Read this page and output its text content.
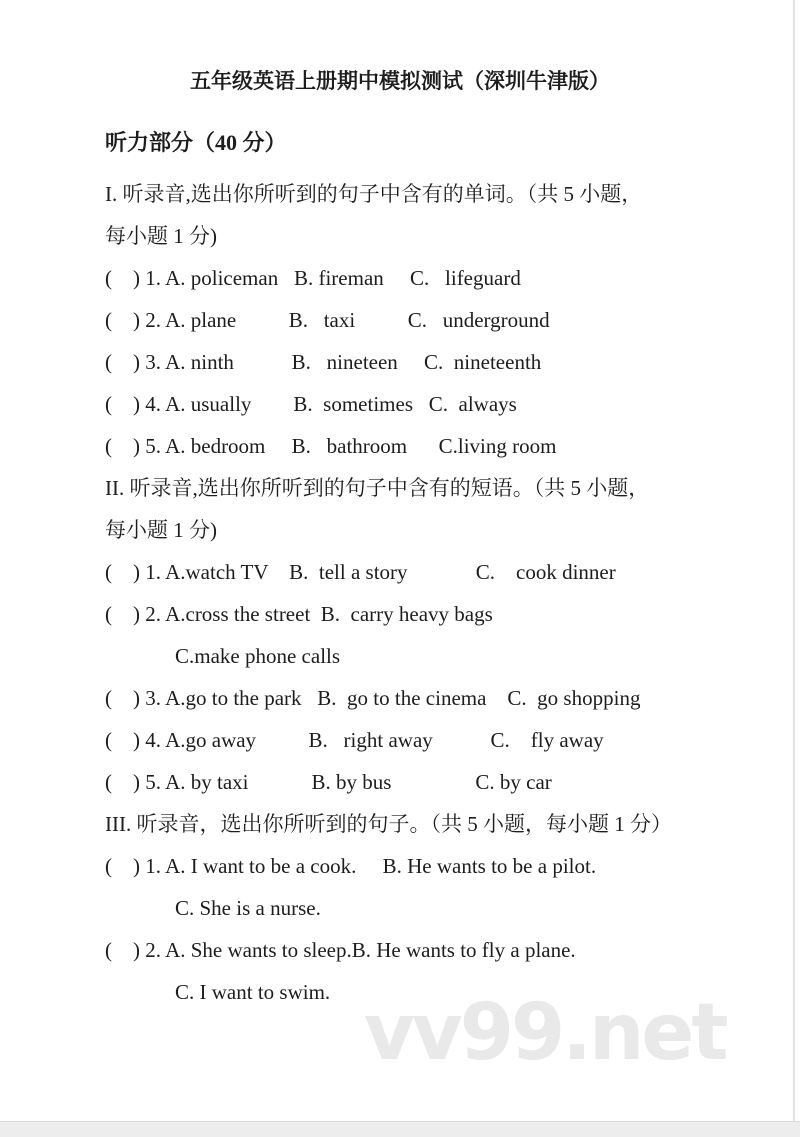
vv99.net
五年级英语上册期中模拟测试（深圳牛津版）
听力部分（40 分）
I. 听录音,选出你所听到的句子中含有的单词。（共 5 小题，
每小题 1 分)
(    ) 1. A. policeman   B. fireman     C.   lifeguard
(    ) 2. A. plane          B.   taxi          C.   underground
(    ) 3. A. ninth           B.   nineteen     C.  nineteenth
(    ) 4. A. usually        B.  sometimes   C.  always
(    ) 5. A. bedroom     B.   bathroom      C.living room
II. 听录音,选出你所听到的句子中含有的短语。（共 5 小题，
每小题 1 分)
(    ) 1. A.watch TV    B.  tell a story             C.    cook dinner
(    ) 2. A.cross the street  B.  carry heavy bags
C.make phone calls
(    ) 3. A.go to the park   B.  go to the cinema    C.  go shopping
(    ) 4. A.go away          B.   right away           C.    fly away
(    ) 5. A. by taxi            B. by bus                C. by car
III. 听录音，选出你所听到的句子。（共 5 小题，每小题 1 分）
(    ) 1. A. I want to be a cook.     B. He wants to be a pilot.
C. She is a nurse.
(    ) 2. A. She wants to sleep.B. He wants to fly a plane.
C. I want to swim.
